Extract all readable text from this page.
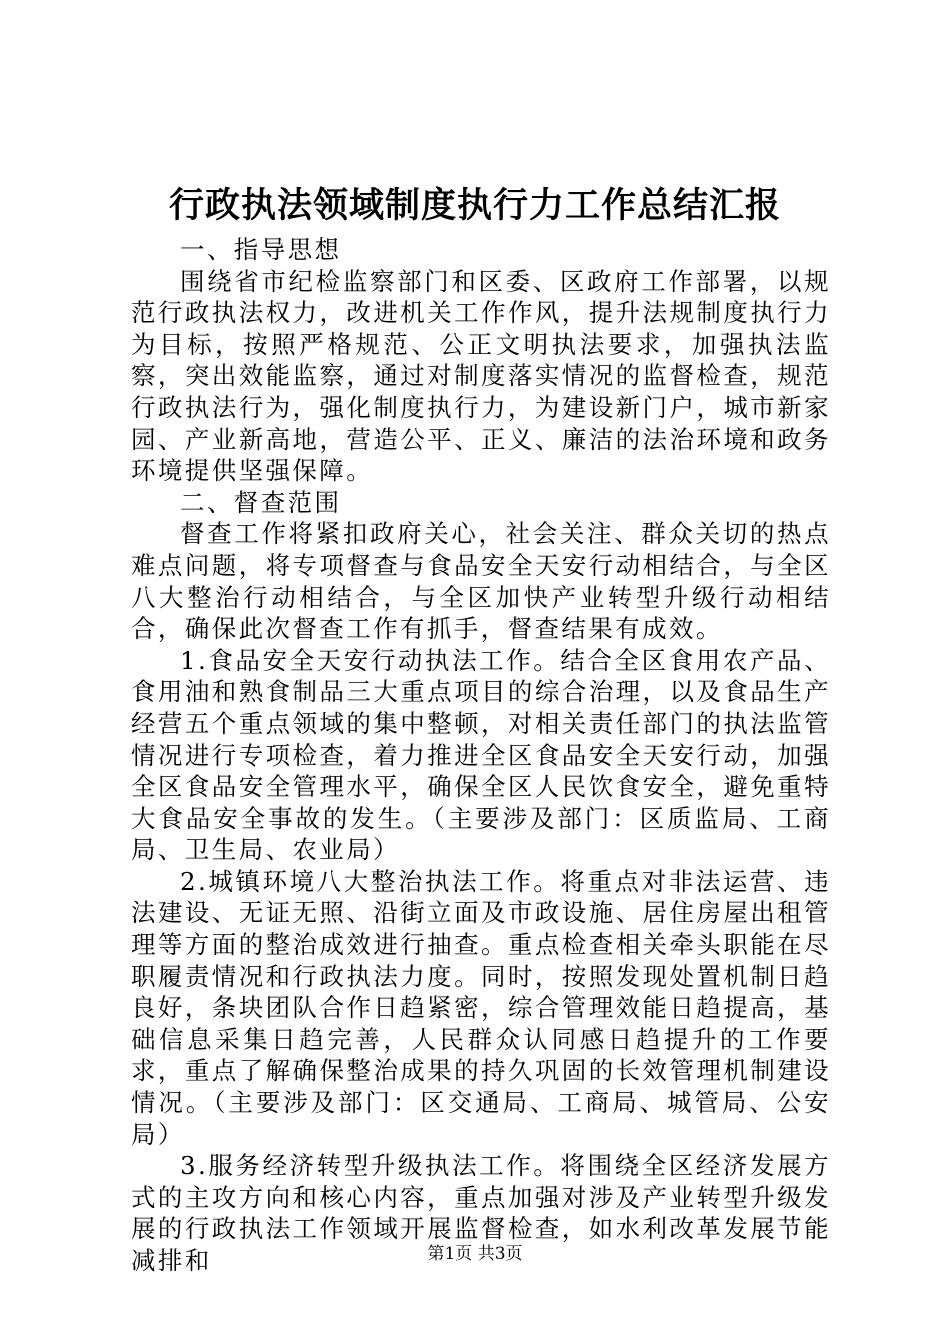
行政执法领域制度执行力工作总结汇报

一、指导思想

围绕省市纪检监察部门和区委、区政府工作部署，以规范行政执法权力，改进机关工作作风，提升法规制度执行力为目标，按照严格规范、公正文明执法要求，加强执法监察，突出效能监察，通过对制度落实情况的监督检查，规范行政执法行为，强化制度执行力，为建设新门户，城市新家园、产业新高地，营造公平、正义、廉洁的法治环境和政务环境提供坚强保障。

二、督查范围

督查工作将紧扣政府关心，社会关注、群众关切的热点难点问题，将专项督查与食品安全天安行动相结合，与全区八大整治行动相结合，与全区加快产业转型升级行动相结合，确保此次督查工作有抓手，督查结果有成效。

1.食品安全天安行动执法工作。结合全区食用农产品、食用油和熟食制品三大重点项目的综合治理，以及食品生产经营五个重点领域的集中整顿，对相关责任部门的执法监管情况进行专项检查，着力推进全区食品安全天安行动，加强全区食品安全管理水平，确保全区人民饮食安全，避免重特大食品安全事故的发生。（主要涉及部门：区质监局、工商局、卫生局、农业局）

2.城镇环境八大整治执法工作。将重点对非法运营、违法建设、无证无照、沿街立面及市政设施、居住房屋出租管理等方面的整治成效进行抽查。重点检查相关牵头职能在尽职履责情况和行政执法力度。同时，按照发现处置机制日趋良好，条块团队合作日趋紧密，综合管理效能日趋提高，基础信息采集日趋完善，人民群众认同感日趋提升的工作要求，重点了解确保整治成果的持久巩固的长效管理机制建设情况。（主要涉及部门：区交通局、工商局、城管局、公安局）

3.服务经济转型升级执法工作。将围绕全区经济发展方式的主攻方向和核心内容，重点加强对涉及产业转型升级发展的行政执法工作领域开展监督检查，如水利改革发展节能减排和	第1页 共3页
